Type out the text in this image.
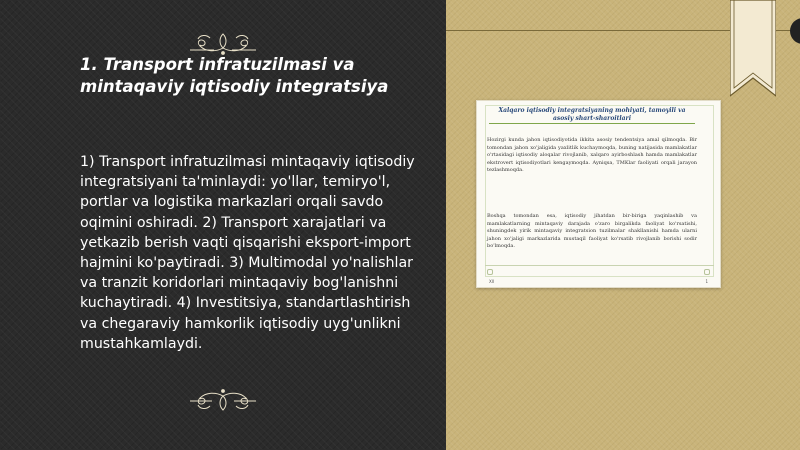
1. Transport infratuzilmasi va mintaqaviy iqtisodiy integratsiya

1) Transport infratuzilmasi mintaqaviy iqtisodiy integratsiyani ta'minlaydi: yo'llar, temiryo'l, portlar va logistika markazlari orqali savdo oqimini oshiradi. 2) Transport xarajatlari va yetkazib berish vaqti qisqarishi eksport-import hajmini ko'paytiradi. 3) Multimodal yo'nalishlar va tranzit koridorlari mintaqaviy bog'lanishni kuchaytiradi. 4) Investitsiya, standartlashtirish va chegaraviy hamkorlik iqtisodiy uyg'unlikni mustahkamlaydi.

Xalqaro iqtisodiy integratsiyaning mohiyati, tamoyili va asosiy shart-sharoitlari
Hozirgi kunda jahon iqtisodiyotida ikkita asosiy tendentsiya amal qilmoqda. Bir tomondan jahon xo'jaligida yaxlitlik kuchaymoqda, buning natijasida mamlakatlar o'rtasidagi iqtisodiy aloqalar rivojlanib, xalqaro ayirboshlash hamda mamlakatlar ekstrovert iqtisodiyotlari kengaymoqda. Ayniqsa, TMKlar faoliyati orqali jarayon tezlashmoqda.
Boshqa tomondan esa, iqtisodiy jihatdan bir-biriga yaqinlashib va mamlakatlarning mintaqaviy darajada o'zaro birgalikda faoliyat ko'rsatishi, shuningdek yirik mintaqaviy integratsion tuzilmalar shakllanishi hamda ularni jahon xo'jaligi markazlarida mustaqil faoliyat ko'rsatib rivojlanib borishi sodir bo'lmoqda.
XII	1
